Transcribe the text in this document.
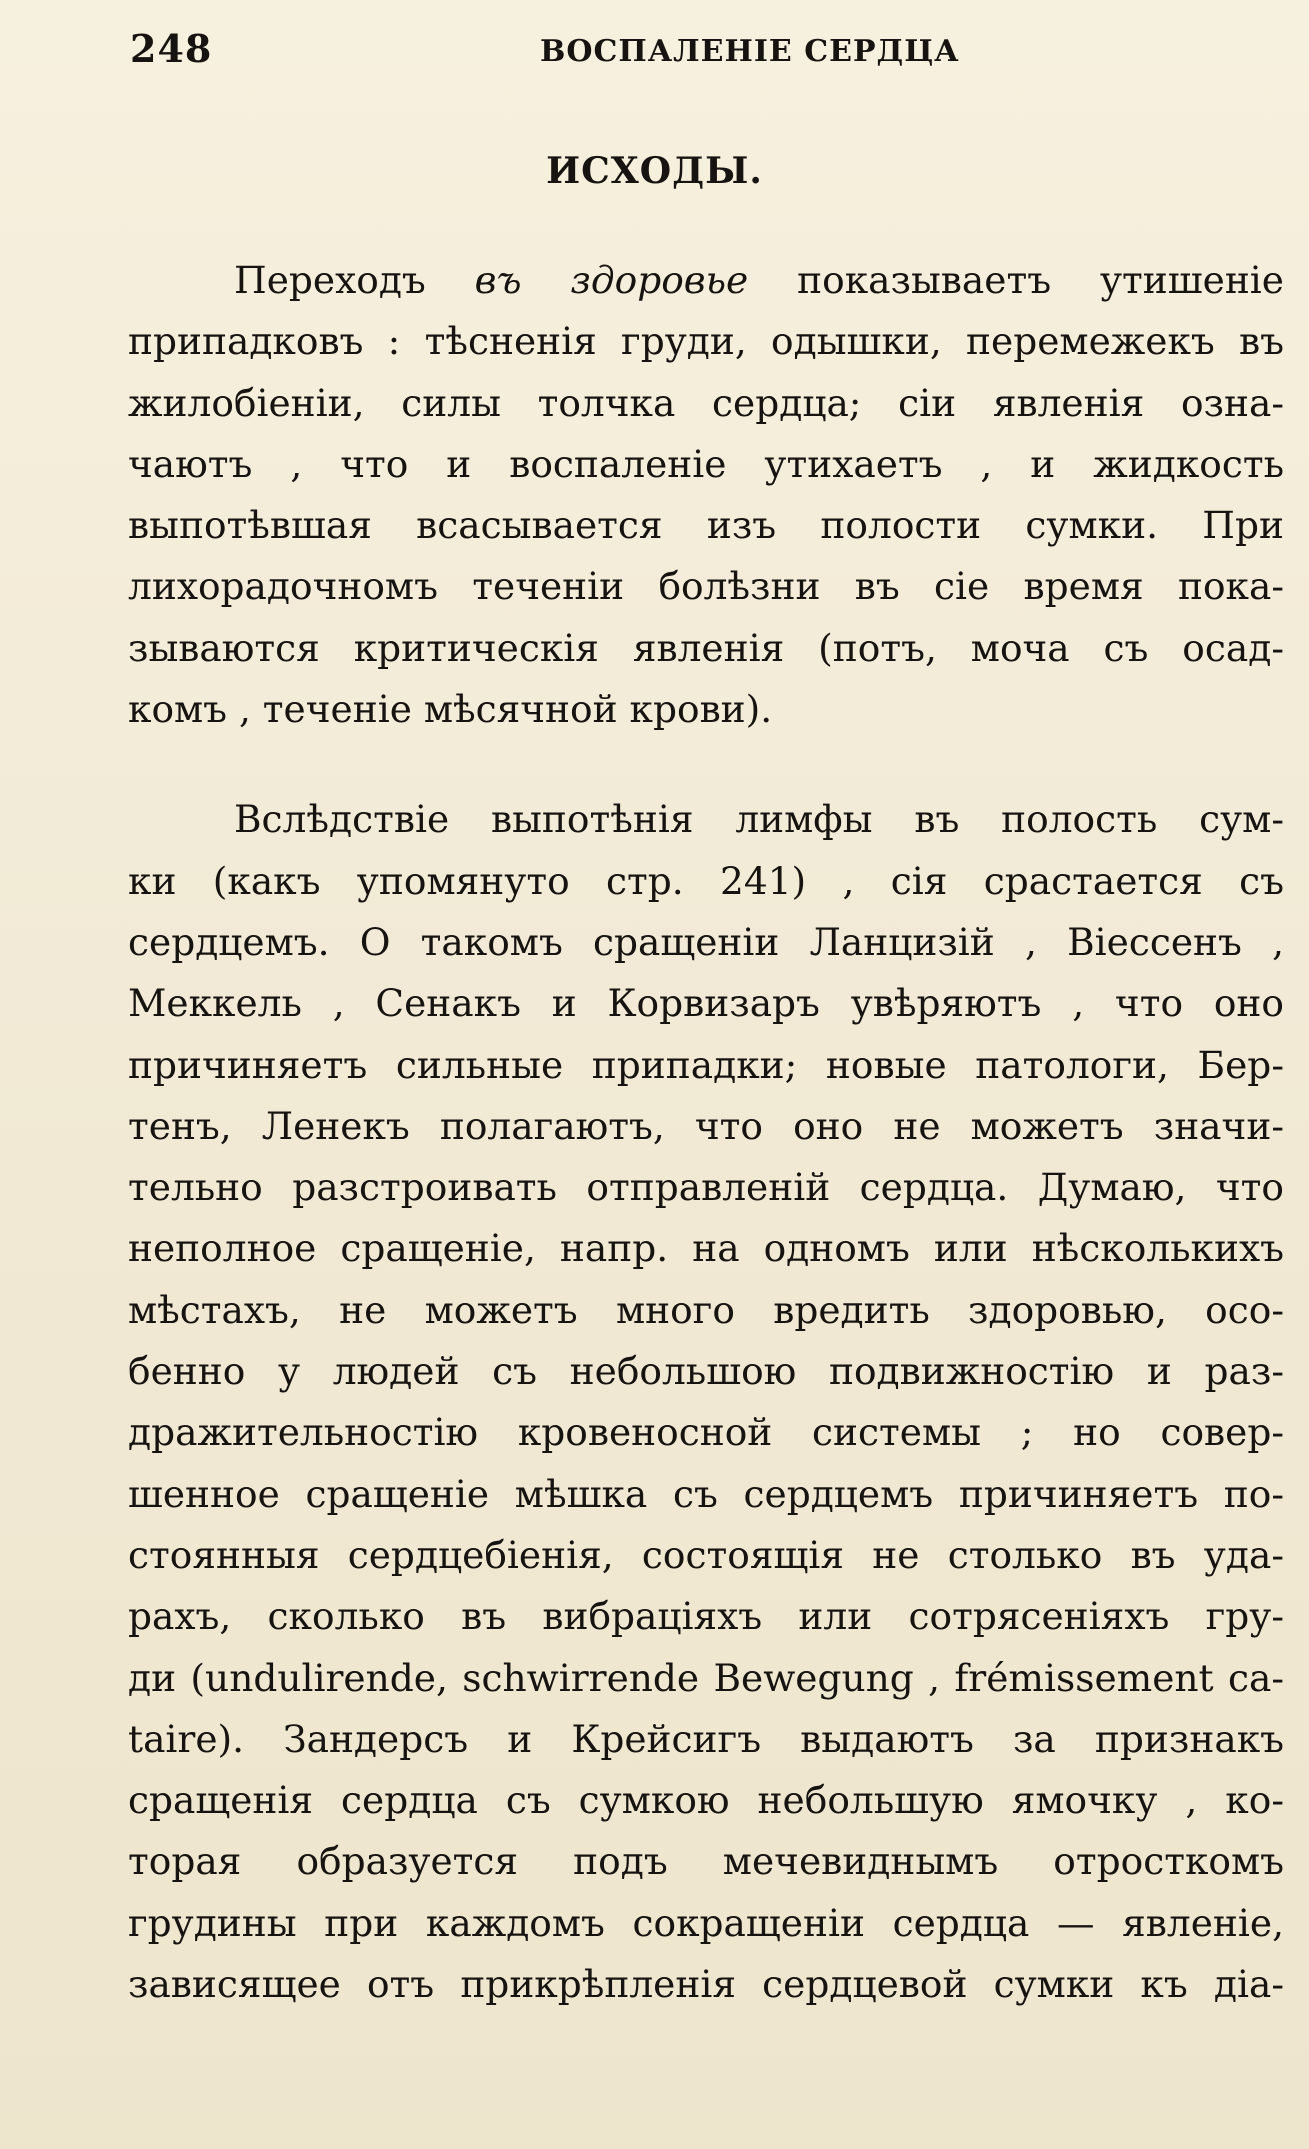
248	ВОСПАЛЕНIЕ СЕРДЦА
ИСХОДЫ.

Переходъ въ здоровье показываетъ утишенiе

припадковъ : тѣсненiя груди, одышки, перемежекъ въ

жилобiенiи, силы толчка сердца; сiи явленiя озна-

чаютъ , что и воспаленiе утихаетъ , и жидкость

выпотѣвшая всасывается изъ полости сумки. При

лихорадочномъ теченiи болѣзни въ сiе время пока-

зываются критическiя явленiя (потъ, моча съ осад-

комъ , теченiе мѣсячной крови).

Вслѣдствiе выпотѣнiя лимфы въ полость сум-

ки (какъ упомянуто стр. 241) , сiя срастается съ

сердцемъ. О такомъ сращенiи Ланцизiй , Вiессенъ ,

Меккель , Сенакъ и Корвизаръ увѣряютъ , что оно

причиняетъ сильные припадки; новые патологи, Бер-

тенъ, Ленекъ полагаютъ, что оно не можетъ значи-

тельно разстроивать отправленiй сердца. Думаю, что

неполное сращенiе, напр. на одномъ или нѣсколькихъ

мѣстахъ, не можетъ много вредить здоровью, осо-

бенно у людей съ небольшою подвижностiю и раз-

дражительностiю кровеносной системы ; но совер-

шенное сращенiе мѣшка съ сердцемъ причиняетъ по-

стоянныя сердцебiенiя, состоящiя не столько въ уда-

рахъ, сколько въ вибрацiяхъ или сотрясенiяхъ гру-

ди (undulirende, schwirrende Bewegung , frémissement ca-

taire). Зандерсъ и Крейсигъ выдаютъ за признакъ

сращенiя сердца съ сумкою небольшую ямочку , ко-

торая образуется подъ мечевиднымъ отросткомъ

грудины при каждомъ сокращенiи сердца — явленiе,

зависящее отъ прикрѣпленiя сердцевой сумки къ дiа-
